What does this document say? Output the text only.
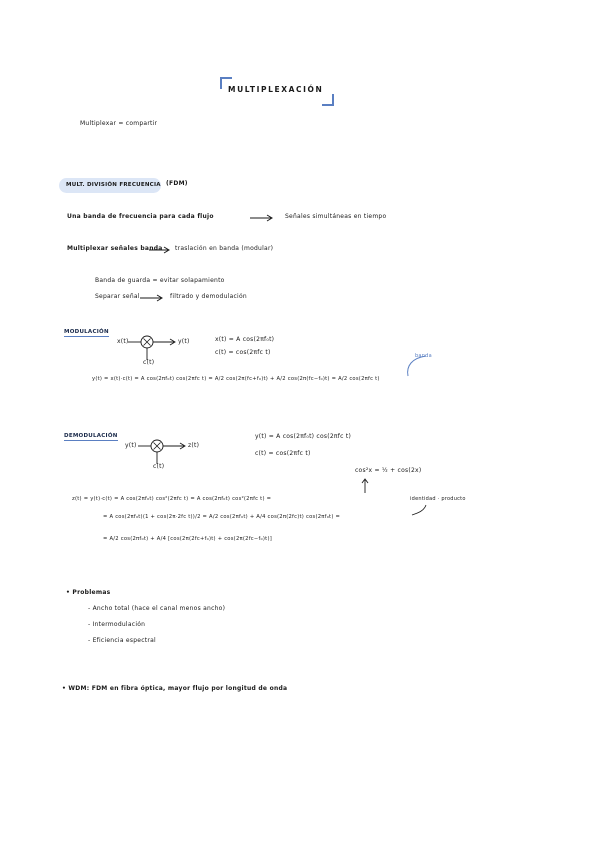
MULTIPLEXACIÓN
Multiplexar = compartir
MULT. DIVISIÓN FRECUENCIA (FDM)
Una banda de frecuencia para cada flujo	Señales simultáneas en tiempo
Multiplexar señales banda traslación en banda (modular)
Banda de guarda = evitar solapamiento
Separar señal	filtrado y demodulación
MODULACIÓN
x(t)	y(t)
c(t)
x(t) = A cos(2πf₀t)
c(t) = cos(2πfc t)
y(t) = x(t)·c(t) = A cos(2πf₀t) cos(2πfc t) = A/2 cos(2π(fc+f₀)t) + A/2 cos(2π(fc−f₀)t) = A/2 cos(2πfc t)
banda
DEMODULACIÓN
y(t)	z(t)
c(t)
y(t) = A cos(2πf₀t) cos(2πfc t)
c(t) = cos(2πfc t)
cos²x = ½ + cos(2x)
z(t) = y(t)·c(t) = A cos(2πf₀t) cos²(2πfc t) = A cos(2πf₀t) cos²(2πfc t) =	identidad · producto
= A cos(2πf₀t)(1 + cos(2π·2fc t))/2 = A/2 cos(2πf₀t) + A/4 cos(2π(2fc)t) cos(2πf₀t) =
= A/2 cos(2πf₀t) + A/4 [cos(2π(2fc+f₀)t) + cos(2π(2fc−f₀)t)]
• Problemas
- Ancho total (hace el canal menos ancho)
- Intermodulación
- Eficiencia espectral
• WDM: FDM en fibra óptica, mayor flujo por longitud de onda
